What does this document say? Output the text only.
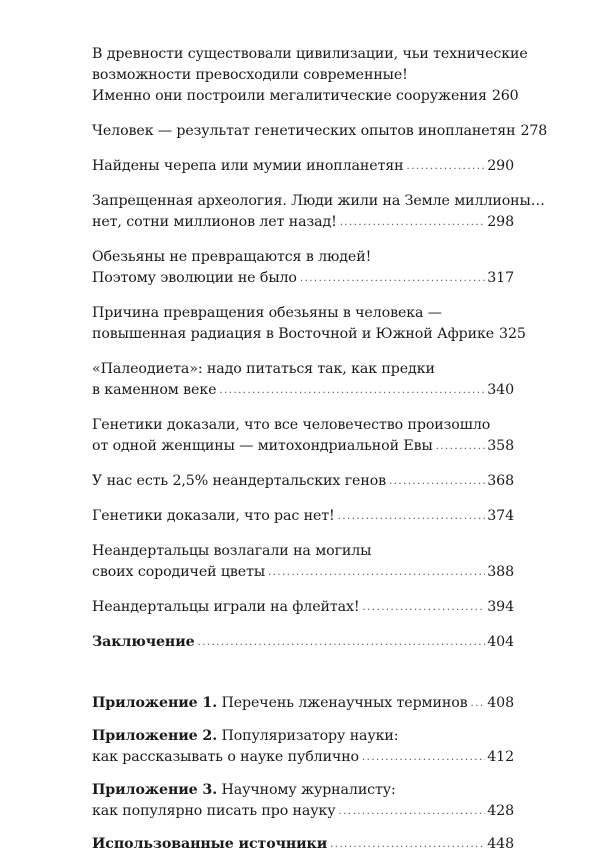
В древности существовали цивилизации, чьи технические
возможности превосходили современные!
Именно они построили мегалитические сооружения 260
Человек — результат генетических опытов инопланетян 278
Найдены черепа или мумии инопланетян .....	290
Запрещенная археология. Люди жили на Земле миллионы…
нет, сотни миллионов лет назад! .....	298
Обезьяны не превращаются в людей!
Поэтому эволюции не было .....	317
Причина превращения обезьяны в человека —
повышенная радиация в Восточной и Южной Африке 325
«Палеодиета»: надо питаться так, как предки
в каменном веке .....	340
Генетики доказали, что все человечество произошло
от одной женщины — митохондриальной Евы .....	358
У нас есть 2,5% неандертальских генов .....	368
Генетики доказали, что рас нет! .....	374
Неандертальцы возлагали на могилы
своих сородичей цветы .....	388
Неандертальцы играли на флейтах! .....	394
Заключение .....	404
Приложение 1. Перечень лженаучных терминов ..... 408
Приложение 2. Популяризатору науки:
как рассказывать о науке публично .....	412
Приложение 3. Научному журналисту:
как популярно писать про науку .....	428
Использованные источники .....	448
